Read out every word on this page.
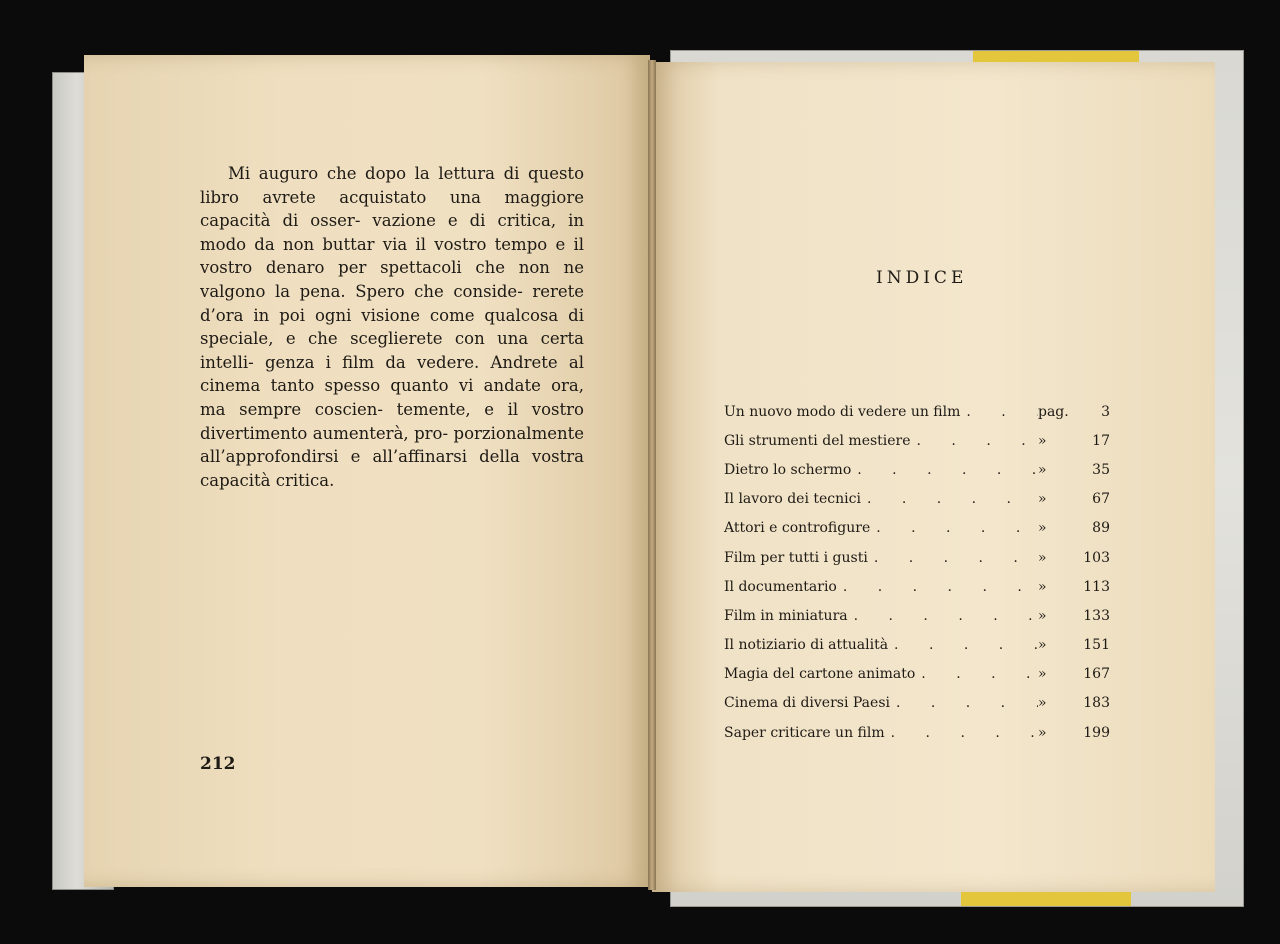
Mi auguro che dopo la lettura di questo libro avrete acquistato una maggiore capacità di osser- vazione e di critica, in modo da non buttar via il vostro tempo e il vostro denaro per spettacoli che non ne valgono la pena. Spero che conside- rerete d’ora in poi ogni visione come qualcosa di speciale, e che sceglierete con una certa intelli- genza i film da vedere. Andrete al cinema tanto spesso quanto vi andate ora, ma sempre coscien- temente, e il vostro divertimento aumenterà, pro- porzionalmente all’approfondirsi e all’affinarsi della vostra capacità critica.

212
INDICE
Un nuovo modo di vedere un film . . .	pag.	3
Gli strumenti del mestiere . . .	»	17
Dietro lo schermo . . .	»	35
Il lavoro dei tecnici . . .	»	67
Attori e controfigure . . .	»	89
Film per tutti i gusti . . .	»	103
Il documentario . . .	»	113
Film in miniatura . . .	»	133
Il notiziario di attualità . . .	»	151
Magia del cartone animato . . .	»	167
Cinema di diversi Paesi . . .	»	183
Saper criticare un film . . .	»	199
